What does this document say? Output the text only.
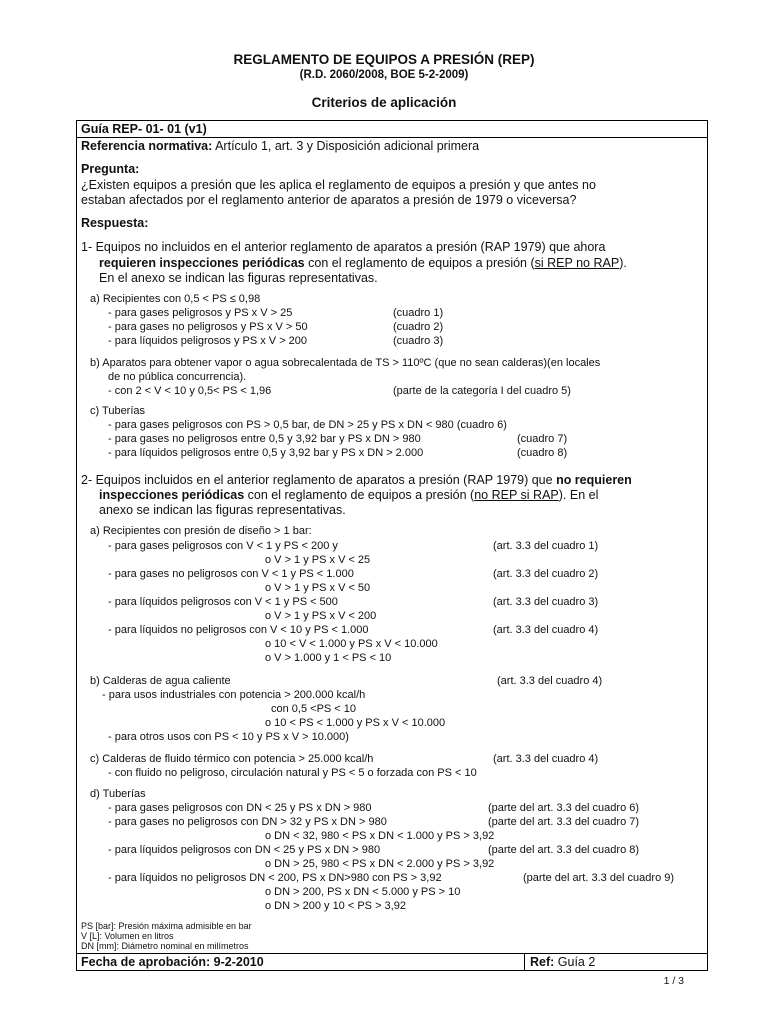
REGLAMENTO DE EQUIPOS A PRESIÓN (REP)
(R.D. 2060/2008, BOE 5-2-2009)
Criterios de aplicación
Guía REP- 01- 01 (v1)
Referencia normativa: Artículo 1, art. 3 y Disposición adicional primera
Pregunta:
¿Existen equipos a presión que les aplica el reglamento de equipos a presión y que antes no
estaban afectados por el reglamento anterior de aparatos a presión de 1979 o viceversa?
Respuesta:
1- Equipos no incluidos en el anterior reglamento de aparatos a presión (RAP 1979) que ahora
requieren inspecciones periódicas con el reglamento de equipos a presión (si REP no RAP).
En el anexo se indican las figuras representativas.
a) Recipientes con 0,5 < PS ≤ 0,98
- para gases peligrosos y PS x V > 25	(cuadro 1)
- para gases no peligrosos y PS x V > 50	(cuadro 2)
- para líquidos peligrosos y PS x V > 200	(cuadro 3)
b) Aparatos para obtener vapor o agua sobrecalentada de TS > 110ºC (que no sean calderas)(en locales
de no pública concurrencia).
- con 2 < V < 10 y 0,5< PS < 1,96	(parte de la categoría I del cuadro 5)
c) Tuberías
- para gases peligrosos con PS > 0,5 bar, de DN > 25 y PS x DN < 980 (cuadro 6)
- para gases no peligrosos entre 0,5 y 3,92 bar y PS x DN > 980	(cuadro 7)
- para líquidos peligrosos entre 0,5 y 3,92 bar y PS x DN > 2.000	(cuadro 8)
2- Equipos incluidos en el anterior reglamento de aparatos a presión (RAP 1979) que no requieren
inspecciones periódicas con el reglamento de equipos a presión (no REP si RAP). En el
anexo se indican las figuras representativas.
a) Recipientes con presión de diseño > 1 bar:
- para gases peligrosos con V < 1 y PS < 200 y	(art. 3.3 del cuadro 1)
o V > 1 y PS x V < 25
- para gases no peligrosos con V < 1 y PS < 1.000	(art. 3.3 del cuadro 2)
o V > 1 y PS x V < 50
- para líquidos peligrosos con V < 1 y PS < 500	(art. 3.3 del cuadro 3)
o V > 1 y PS x V < 200
- para líquidos no peligrosos con V < 10 y PS < 1.000	(art. 3.3 del cuadro 4)
o 10 < V < 1.000 y PS x V < 10.000
o V > 1.000 y 1 < PS < 10
b) Calderas de agua caliente	(art. 3.3 del cuadro 4)
- para usos industriales con potencia > 200.000 kcal/h
con 0,5 <PS < 10
o 10 < PS < 1.000 y PS x V < 10.000
- para otros usos con PS < 10 y PS x V > 10.000)
c) Calderas de fluido térmico con potencia > 25.000 kcal/h	(art. 3.3 del cuadro 4)
- con fluido no peligroso, circulación natural y PS < 5 o forzada con PS < 10
d) Tuberías
- para gases peligrosos con DN < 25 y PS x DN > 980	(parte del art. 3.3 del cuadro 6)
- para gases no peligrosos con DN > 32 y PS x DN > 980	(parte del art. 3.3 del cuadro 7)
o DN < 32, 980 < PS x DN < 1.000 y PS > 3,92
- para líquidos peligrosos con DN < 25 y PS x DN > 980	(parte del art. 3.3 del cuadro 8)
o DN > 25, 980 < PS x DN < 2.000 y PS > 3,92
- para líquidos no peligrosos DN < 200, PS x DN>980 con PS > 3,92	(parte del art. 3.3 del cuadro 9)
o DN > 200, PS x DN < 5.000 y PS > 10
o DN > 200 y 10 < PS > 3,92
PS [bar]: Presión máxima admisible en bar
V [L]: Volumen en litros
DN [mm]: Diámetro nominal en milímetros
Fecha de aprobación: 9-2-2010	Ref: Guía 2
1 / 3
